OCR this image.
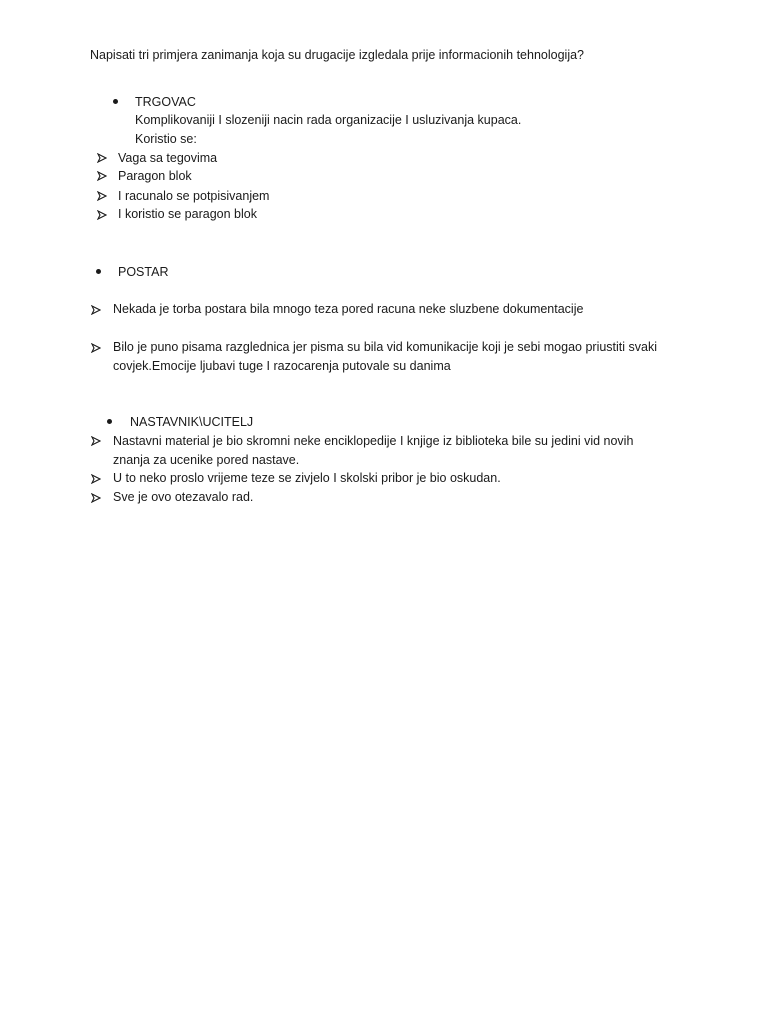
Napisati tri primjera zanimanja koja su drugacije izgledala prije informacionih tehnologija?
TRGOVAC
Komplikovaniji I slozeniji nacin rada organizacije I usluzivanja kupaca.
Koristio se:
Vaga sa tegovima
Paragon blok
I racunalo se potpisivanjem
I koristio se paragon blok
POSTAR
Nekada je torba postara bila mnogo teza pored racuna neke sluzbene dokumentacije
Bilo je puno pisama razglednica jer pisma su bila vid komunikacije koji je sebi mogao priustiti svaki covjek.Emocije ljubavi tuge I razocarenja putovale su danima
NASTAVNIK\UCITELJ
Nastavni material je bio skromni neke enciklopedije I knjige iz biblioteka bile su jedini vid novih znanja za ucenike pored nastave.
U to neko proslo vrijeme teze se zivjelo I skolski pribor je bio oskudan.
Sve je ovo otezavalo rad.
